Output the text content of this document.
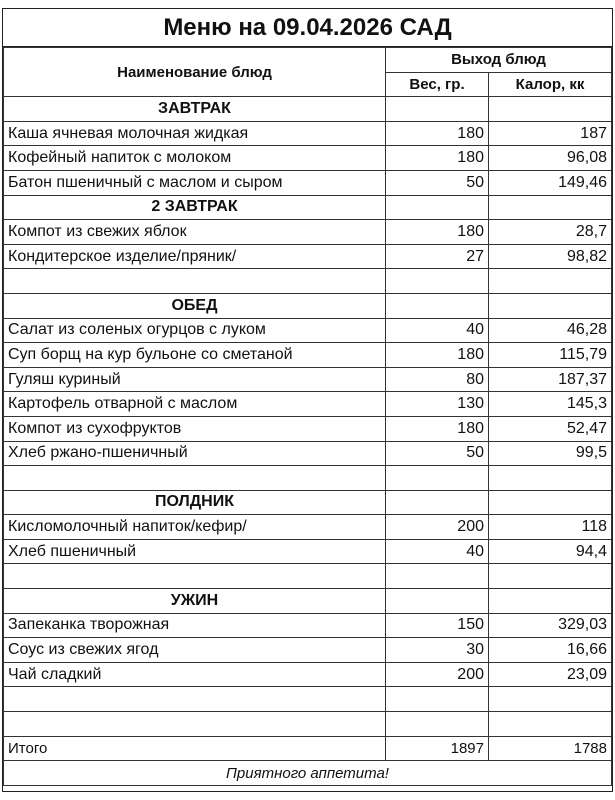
Меню на 09.04.2026 САД
Наименование блюд	Выход блюд	
	Вес, гр.	Калор, кк
ЗАВТРАК		
Каша ячневая молочная жидкая	180	187
Кофейный напиток с молоком	180	96,08
Батон пшеничный с маслом и сыром	50	149,46
2 ЗАВТРАК		
Компот из свежих яблок	180	28,7
Кондитерское изделие/пряник/	27	98,82

ОБЕД		
Салат из соленых огурцов с луком	40	46,28
Суп борщ на кур бульоне со сметаной	180	115,79
Гуляш куриный	80	187,37
Картофель отварной с маслом	130	145,3
Компот из сухофруктов	180	52,47
Хлеб ржано-пшеничный	50	99,5

ПОЛДНИК		
Кисломолочный напиток/кефир/	200	118
Хлеб пшеничный	40	94,4

УЖИН		
Запеканка творожная	150	329,03
Соус из свежих ягод	30	16,66
Чай сладкий	200	23,09

Итого	1897	1788
Приятного аппетита!		
